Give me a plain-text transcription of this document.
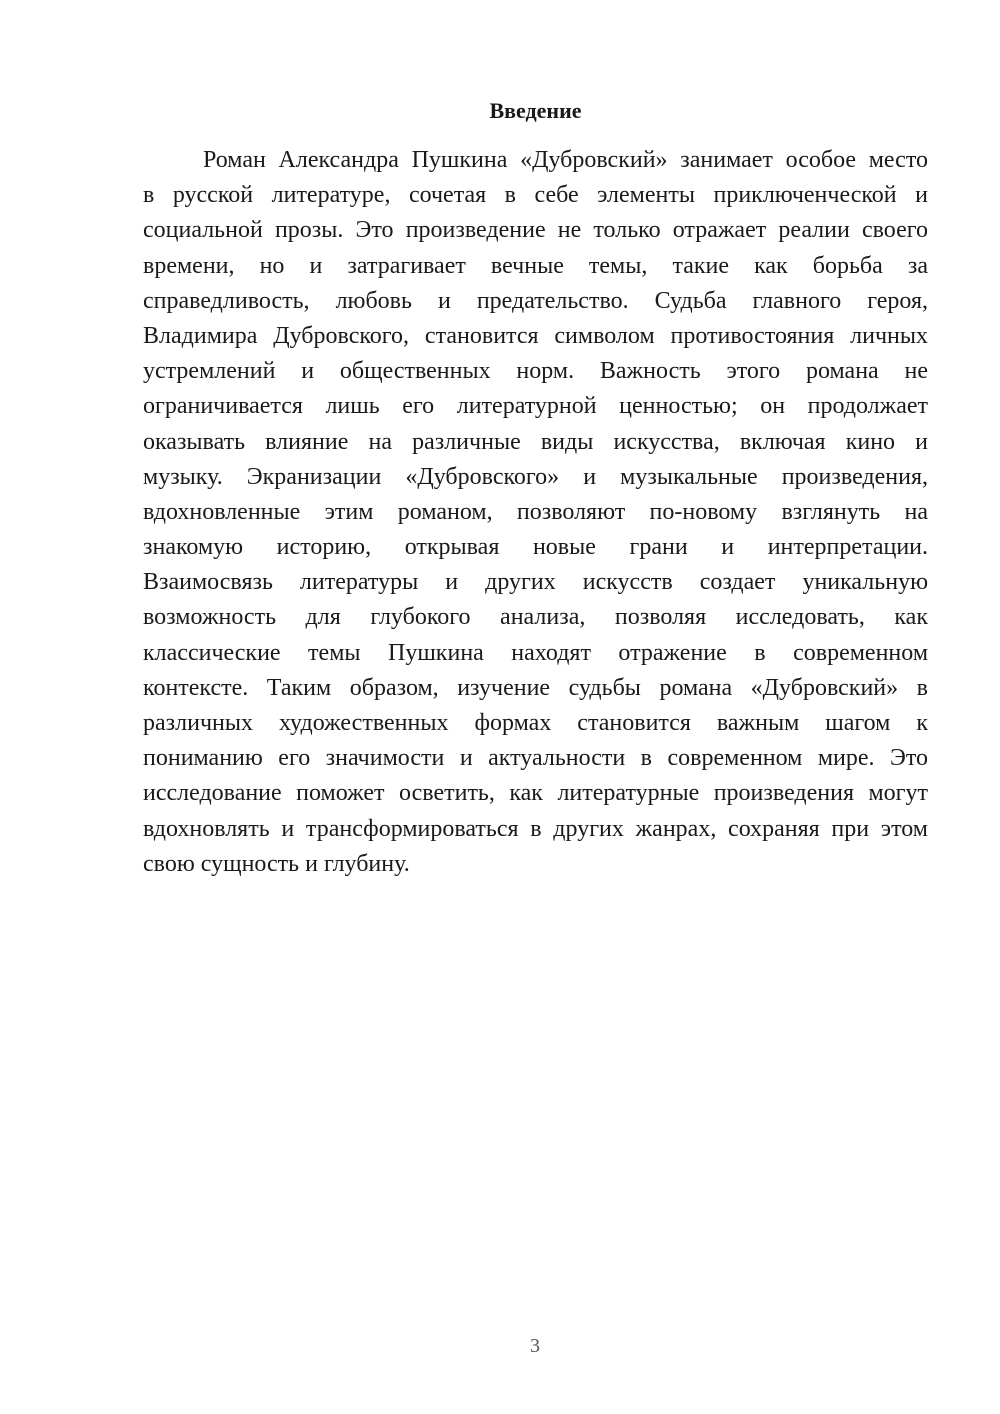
Введение
Роман Александра Пушкина «Дубровский» занимает особое место
в русской литературе, сочетая в себе элементы приключенческой и
социальной прозы. Это произведение не только отражает реалии своего
времени, но и затрагивает вечные темы, такие как борьба за
справедливость, любовь и предательство. Судьба главного героя,
Владимира Дубровского, становится символом противостояния личных
устремлений и общественных норм. Важность этого романа не
ограничивается лишь его литературной ценностью; он продолжает
оказывать влияние на различные виды искусства, включая кино и
музыку. Экранизации «Дубровского» и музыкальные произведения,
вдохновленные этим романом, позволяют по-новому взглянуть на
знакомую историю, открывая новые грани и интерпретации.
Взаимосвязь литературы и других искусств создает уникальную
возможность для глубокого анализа, позволяя исследовать, как
классические темы Пушкина находят отражение в современном
контексте. Таким образом, изучение судьбы романа «Дубровский» в
различных художественных формах становится важным шагом к
пониманию его значимости и актуальности в современном мире. Это
исследование поможет осветить, как литературные произведения могут
вдохновлять и трансформироваться в других жанрах, сохраняя при этом
свою сущность и глубину.
3
